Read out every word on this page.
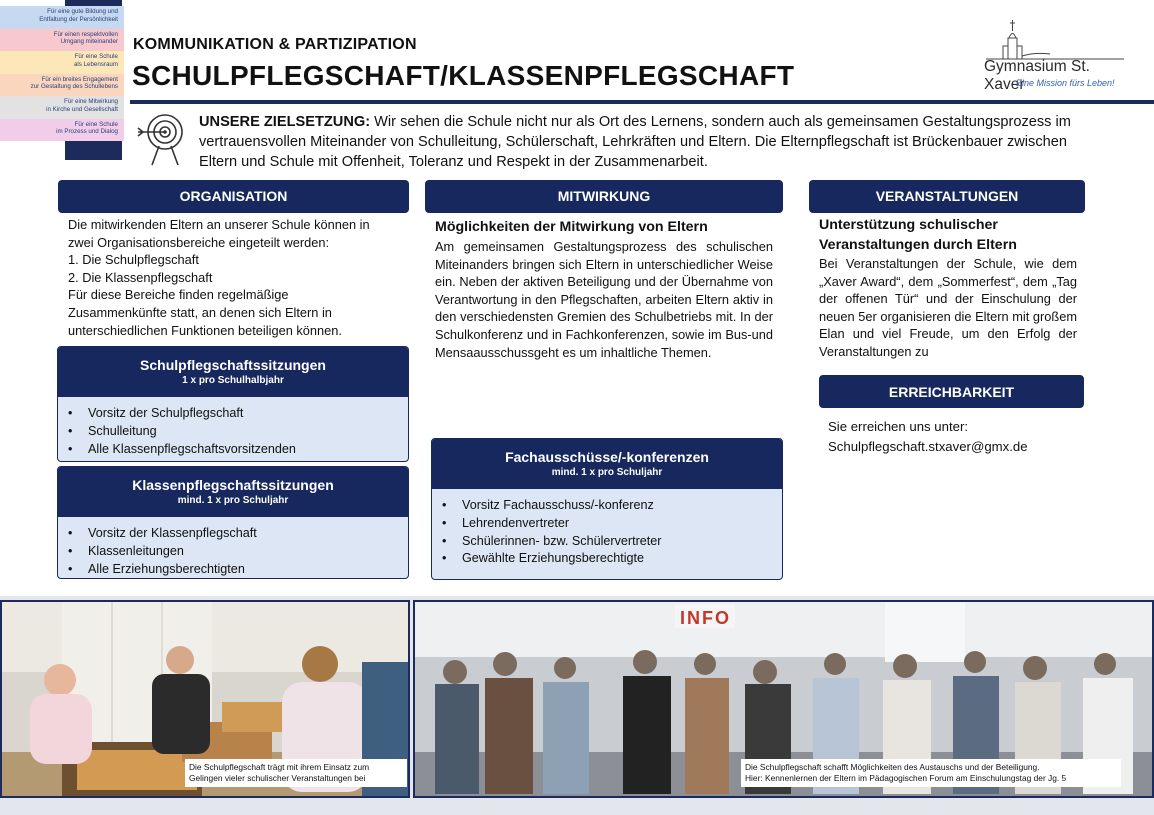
Für eine gute Bildung und
Entfaltung der Persönlichkeit
Für einen respektvollen
Umgang miteinander
Für eine Schule
als Lebensraum
Für ein breites Engagement
zur Gestaltung des Schullebens
Für eine Mitwirkung
in Kirche und Gesellschaft
Für eine Schule
im Prozess und Dialog
KOMMUNIKATION & PARTIZIPATION
SCHULPFLEGSCHAFT/KLASSENPFLEGSCHAFT	Gymnasium St. Xaver
Eine Mission fürs Leben!
UNSERE ZIELSETZUNG: Wir sehen die Schule nicht nur als Ort des Lernens, sondern auch als gemeinsamen Gestaltungsprozess im vertrauensvollen Miteinander von Schulleitung, Schülerschaft, Lehrkräften und Eltern. Die Elternpflegschaft ist Brückenbauer zwischen Eltern und Schule mit Offenheit, Toleranz und Respekt in der Zusammenarbeit.
ORGANISATION
Die mitwirkenden Eltern an unserer Schule können in
zwei Organisationsbereiche eingeteilt werden:
1. Die Schulpflegschaft
2. Die Klassenpflegschaft
Für diese Bereiche finden regelmäßige
Zusammenkünfte statt, an denen sich Eltern in
unterschiedlichen Funktionen beteiligen können.
Schulpflegschaftssitzungen
1 x pro Schulhalbjahr
• Vorsitz der Schulpflegschaft
• Schulleitung
• Alle Klassenpflegschaftsvorsitzenden
Klassenpflegschaftssitzungen
mind. 1 x pro Schuljahr
• Vorsitz der Klassenpflegschaft
• Klassenleitungen
• Alle Erziehungsberechtigten
MITWIRKUNG
Möglichkeiten der Mitwirkung von Eltern
Am gemeinsamen Gestaltungsprozess des schulischen Miteinanders bringen sich Eltern in unterschiedlicher Weise ein. Neben der aktiven Beteiligung und der Übernahme von Verantwortung in den Pflegschaften, arbeiten Eltern aktiv in den verschiedensten Gremien des Schulbetriebs mit. In der Schulkonferenz und in Fachkonferenzen, sowie im Bus-und Mensaausschussgeht es um inhaltliche Themen.
Fachausschüsse/-konferenzen
mind. 1 x pro Schuljahr
• Vorsitz Fachausschuss/-konferenz
• Lehrendenvertreter
• Schülerinnen- bzw. Schülervertreter
• Gewählte Erziehungsberechtigte
VERANSTALTUNGEN
Unterstützung schulischer
Veranstaltungen durch Eltern
Bei Veranstaltungen der Schule, wie dem „Xaver Award“, dem „Sommerfest“, dem „Tag der offenen Tür“ und der Einschulung der neuen 5er organisieren die Eltern mit großem Elan und viel Freude, um den Erfolg der Veranstaltungen zu
ERREICHBARKEIT
Sie erreichen uns unter:
Schulpflegschaft.stxaver@gmx.de
Die Schulpflegschaft trägt mit ihrem Einsatz zum
Gelingen vieler schulischer Veranstaltungen bei
INFO
Die Schulpflegschaft schafft Möglichkeiten des Austauschs und der Beteiligung.
Hier: Kennenlernen der Eltern im Pädagogischen Forum am Einschulungstag der Jg. 5
